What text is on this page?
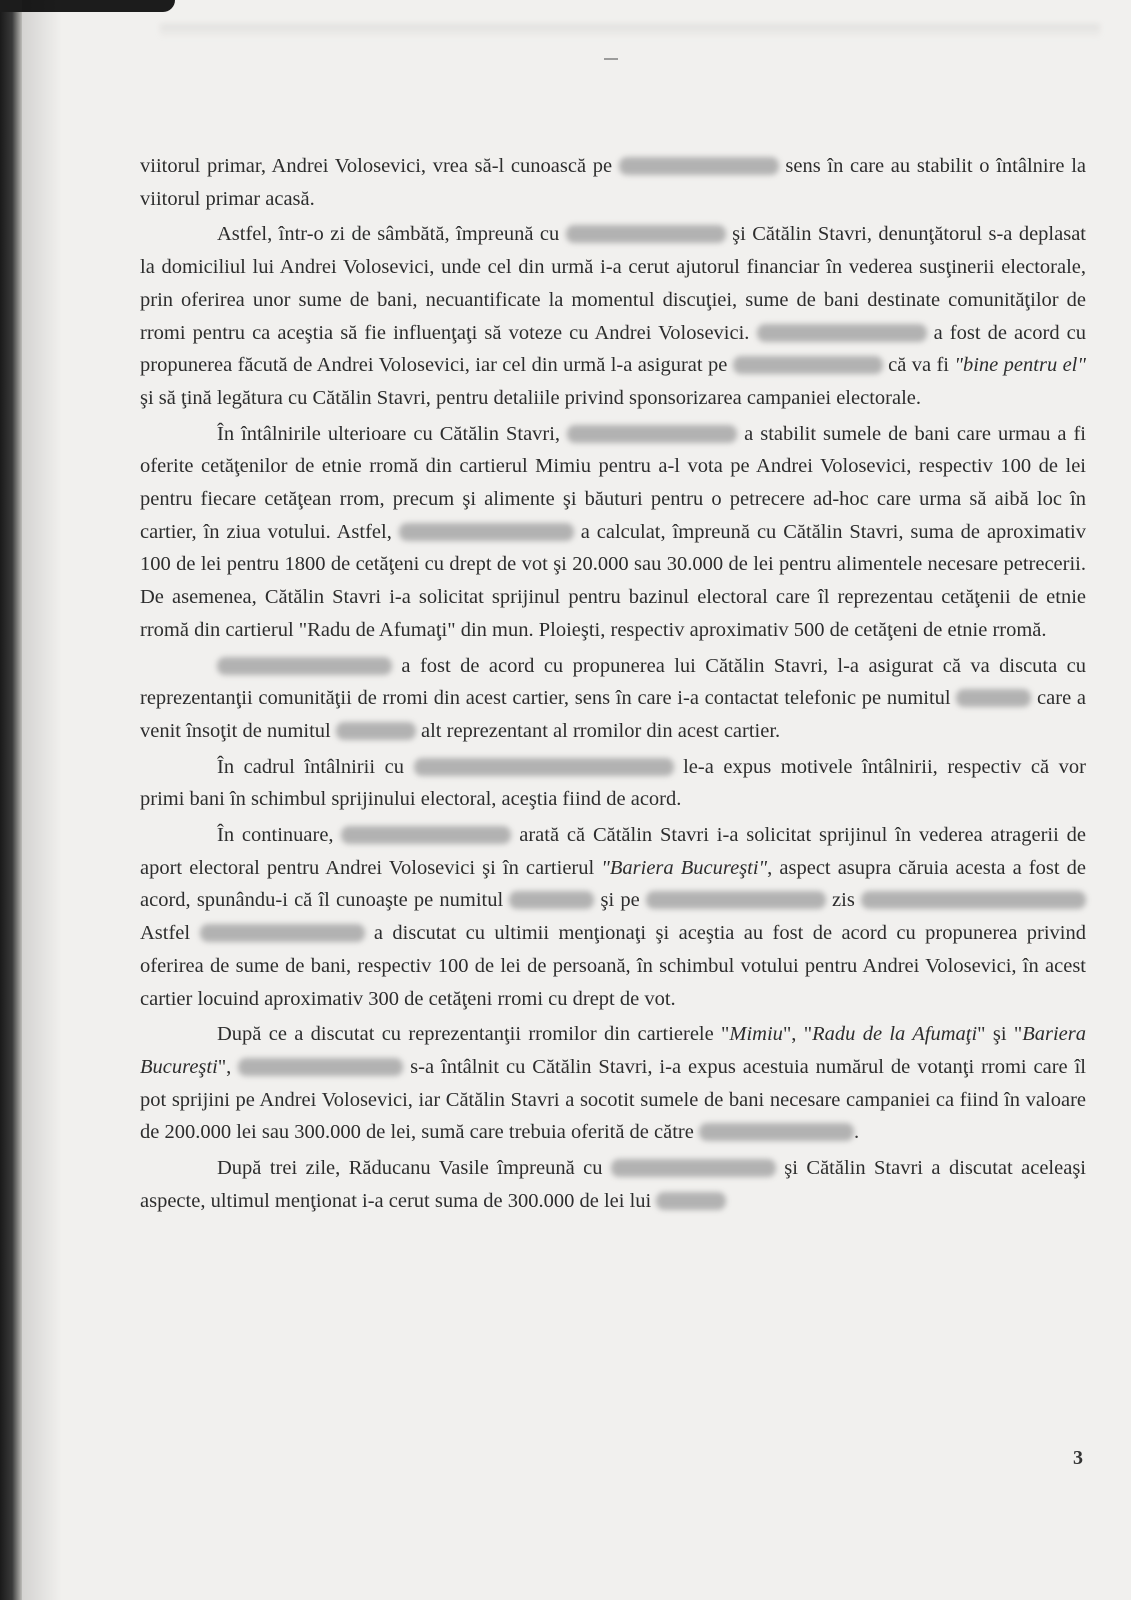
viitorul primar, Andrei Volosevici, vrea să-l cunoască pe	sens în care au stabilit o întâlnire la viitorul primar acasă.

Astfel, într-o zi de sâmbătă, împreună cu	şi Cătălin Stavri, denunţătorul s-a deplasat la domiciliul lui Andrei Volosevici, unde cel din urmă i-a cerut ajutorul financiar în vederea susţinerii electorale, prin oferirea unor sume de bani, necuantificate la momentul discuţiei, sume de bani destinate comunităţilor de rromi pentru ca aceştia să fie influenţaţi să voteze cu Andrei Volosevici.	a fost de acord cu propunerea făcută de Andrei Volosevici, iar cel din urmă l-a asigurat pe	că va fi "bine pentru el" şi să ţină legătura cu Cătălin Stavri, pentru detaliile privind sponsorizarea campaniei electorale.

În întâlnirile ulterioare cu Cătălin Stavri,	a stabilit sumele de bani care urmau a fi oferite cetăţenilor de etnie rromă din cartierul Mimiu pentru a-l vota pe Andrei Volosevici, respectiv 100 de lei pentru fiecare cetăţean rrom, precum şi alimente şi băuturi pentru o petrecere ad-hoc care urma să aibă loc în cartier, în ziua votului. Astfel,	a calculat, împreună cu Cătălin Stavri, suma de aproximativ 100 de lei pentru 1800 de cetăţeni cu drept de vot şi 20.000 sau 30.000 de lei pentru alimentele necesare petrecerii. De asemenea, Cătălin Stavri i-a solicitat sprijinul pentru bazinul electoral care îl reprezentau cetăţenii de etnie rromă din cartierul "Radu de Afumaţi" din mun. Ploieşti, respectiv aproximativ 500 de cetăţeni de etnie rromă.

a fost de acord cu propunerea lui Cătălin Stavri, l-a asigurat că va discuta cu reprezentanţii comunităţii de rromi din acest cartier, sens în care i-a contactat telefonic pe numitul	care a venit însoţit de numitul	alt reprezentant al rromilor din acest cartier.

În cadrul întâlnirii cu	le-a expus motivele întâlnirii, respectiv că vor primi bani în schimbul sprijinului electoral, aceştia fiind de acord.

În continuare,	arată că Cătălin Stavri i-a solicitat sprijinul în vederea atragerii de aport electoral pentru Andrei Volosevici şi în cartierul "Bariera Bucureşti", aspect asupra căruia acesta a fost de acord, spunându-i că îl cunoaşte pe numitul	şi pe	zis  Astfel	a discutat cu ultimii menţionaţi şi aceştia au fost de acord cu propunerea privind oferirea de sume de bani, respectiv 100 de lei de persoană, în schimbul votului pentru Andrei Volosevici, în acest cartier locuind aproximativ 300 de cetăţeni rromi cu drept de vot.

După ce a discutat cu reprezentanţii rromilor din cartierele "Mimiu", "Radu de la Afumaţi" şi "Bariera Bucureşti",	s-a întâlnit cu Cătălin Stavri, i-a expus acestuia numărul de votanţi rromi care îl pot sprijini pe Andrei Volosevici, iar Cătălin Stavri a socotit sumele de bani necesare campaniei ca fiind în valoare de 200.000 lei sau 300.000 de lei, sumă care trebuia oferită de către	.

După trei zile, Răducanu Vasile împreună cu	şi Cătălin Stavri a discutat aceleaşi aspecte, ultimul menţionat i-a cerut suma de 300.000 de lei lui

3
